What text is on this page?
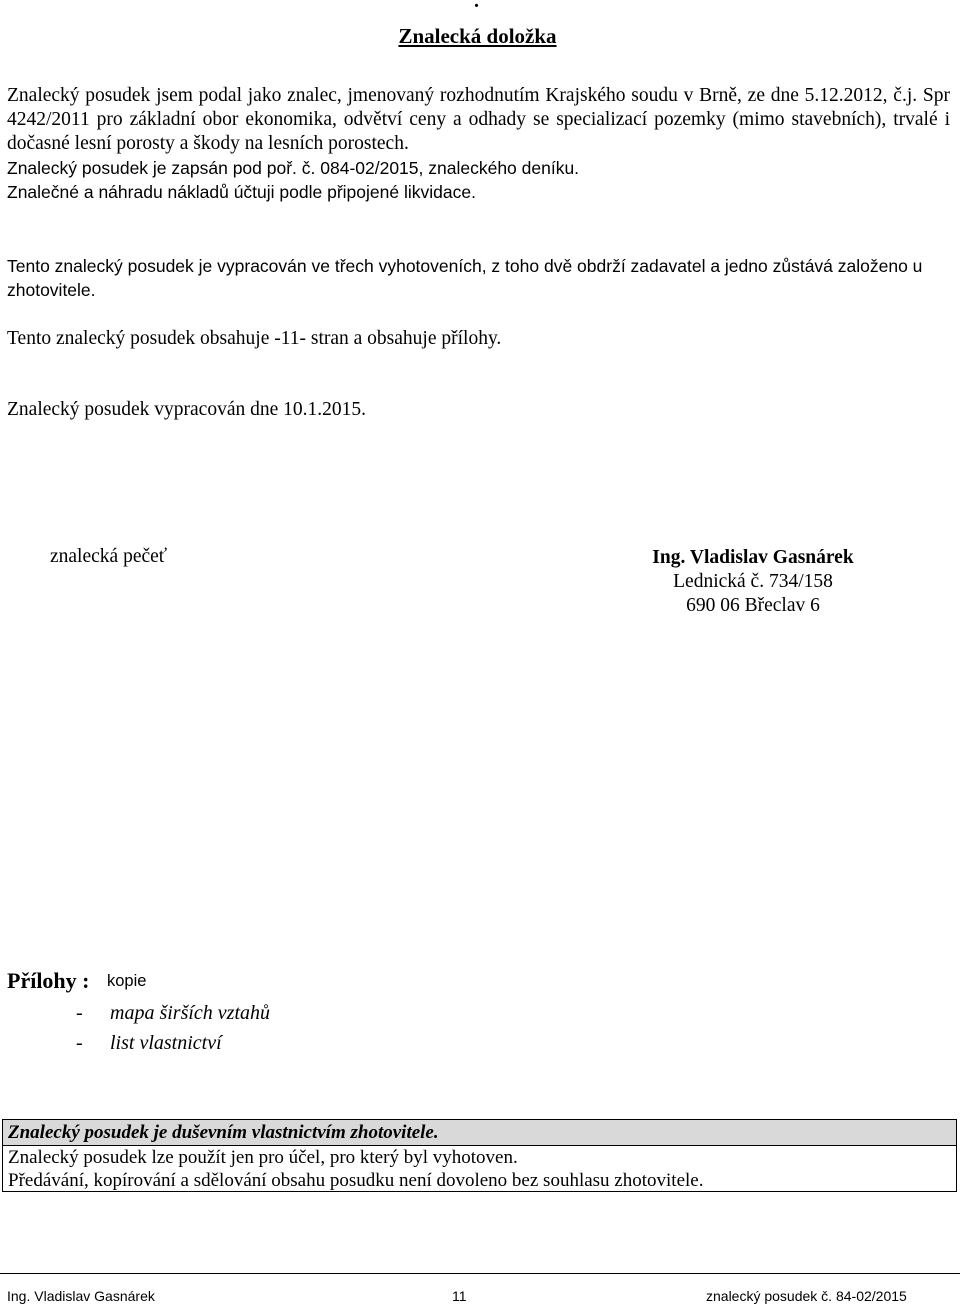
.
Znalecká doložka
Znalecký posudek jsem podal jako znalec, jmenovaný rozhodnutím Krajského soudu v Brně, ze dne 5.12.2012, č.j. Spr 4242/2011 pro základní obor ekonomika, odvětví ceny a odhady se specializací pozemky (mimo stavebních), trvalé i dočasné lesní porosty a škody na lesních porostech.
Znalecký posudek je zapsán pod poř. č. 084-02/2015, znaleckého deníku.
Znalečné a náhradu nákladů účtuji podle připojené likvidace.
Tento znalecký posudek je vypracován ve třech vyhotoveních, z toho dvě obdrží zadavatel a jedno zůstává založeno u zhotovitele.
Tento znalecký posudek obsahuje -11- stran a obsahuje přílohy.
Znalecký posudek vypracován dne 10.1.2015.
znalecká pečeť	Ing. Vladislav Gasnárek
Lednická č. 734/158
690 06 Břeclav 6
Přílohy : kopie
- mapa širších vztahů
- list vlastnictví
Znalecký posudek je duševním vlastnictvím zhotovitele.
Znalecký posudek lze použít jen pro účel, pro který byl vyhotoven.
Předávání, kopírování a sdělování obsahu posudku není dovoleno bez souhlasu zhotovitele.
Ing. Vladislav Gasnárek	11	znalecký posudek č. 84-02/2015
